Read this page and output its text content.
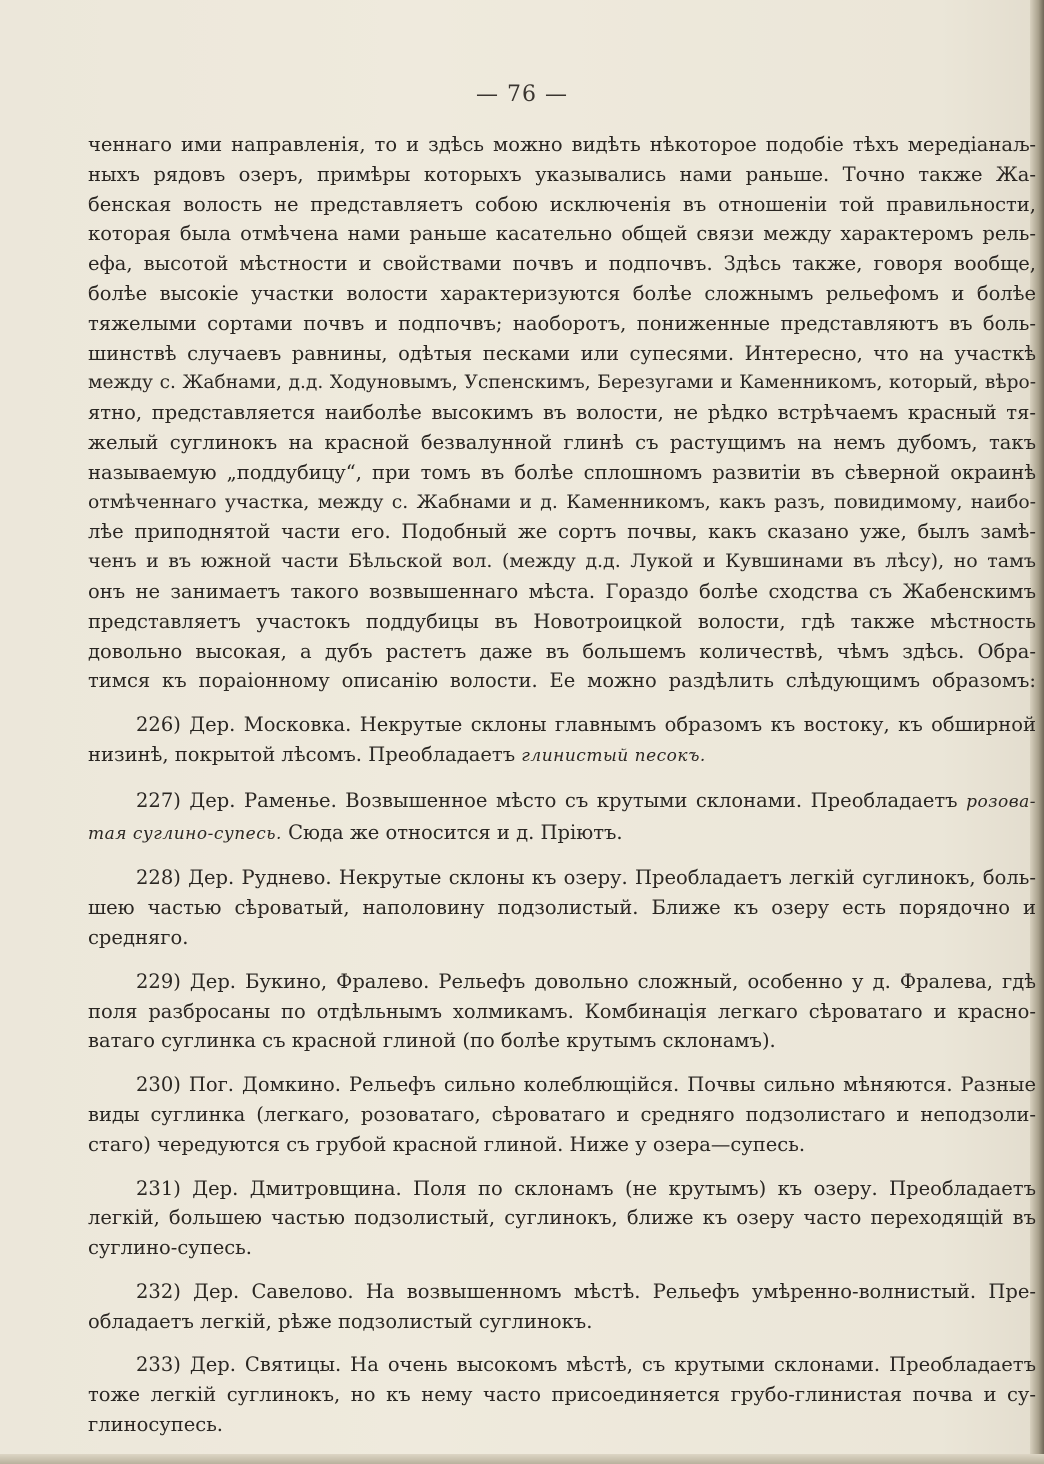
— 76 —
ченнаго ими направленія, то и здѣсь можно видѣть нѣкоторое подобіе тѣхъ мередіанаљ-
ныхъ рядовъ озеръ, примѣры которыхъ указывались нами раньше. Точно также Жа-
бенская волость не представляетъ собою исключенія въ отношеніи той правильности,
которая была отмѣчена нами раньше касательно общей связи между характеромъ рель-
ефа, высотой мѣстности и свойствами почвъ и подпочвъ. Здѣсь также, говоря вообще,
болѣе высокіе участки волости характеризуются болѣе сложнымъ рельефомъ и болѣе
тяжелыми сортами почвъ и подпочвъ; наоборотъ, пониженные представляютъ въ боль-
шинствѣ случаевъ равнины, одѣтыя песками или супесями. Интересно, что на участкѣ
между с. Жабнами, д.д. Ходуновымъ, Успенскимъ, Березугами и Каменникомъ, который, вѣро-
ятно, представляется наиболѣе высокимъ въ волости, не рѣдко встрѣчаемъ красный тя-
желый суглинокъ на красной безвалунной глинѣ съ растущимъ на немъ дубомъ, такъ
называемую „поддубицу“, при томъ въ болѣе сплошномъ развитіи въ сѣверной окраинѣ
отмѣченнаго участка, между с. Жабнами и д. Каменникомъ, какъ разъ, повидимому, наибо-
лѣе приподнятой части его. Подобный же сортъ почвы, какъ сказано уже, былъ замѣ-
ченъ и въ южной части Бѣльской вол. (между д.д. Лукой и Кувшинами въ лѣсу), но тамъ
онъ не занимаетъ такого возвышеннаго мѣста. Гораздо болѣе сходства съ Жабенскимъ
представляетъ участокъ поддубицы въ Новотроицкой волости, гдѣ также мѣстность
довольно высокая, а дубъ растетъ даже въ большемъ количествѣ, чѣмъ здѣсь. Обра-
тимся къ пораіонному описанію волости. Ее можно раздѣлить слѣдующимъ образомъ:
226) Дер. Московка. Некрутые склоны главнымъ образомъ къ востоку, къ обширной
низинѣ, покрытой лѣсомъ. Преобладаетъ глинистый песокъ.
227) Дер. Раменье. Возвышенное мѣсто съ крутыми склонами. Преобладаетъ розова-
тая суглино-супесь. Сюда же относится и д. Пріютъ.
228) Дер. Руднево. Некрутые склоны къ озеру. Преобладаетъ легкій суглинокъ, боль-
шею частью сѣроватый, наполовину подзолистый. Ближе къ озеру есть порядочно и
средняго.
229) Дер. Букино, Фралево. Рельефъ довольно сложный, особенно у д. Фралева, гдѣ
поля разбросаны по отдѣльнымъ холмикамъ. Комбинація легкаго сѣроватаго и красно-
ватаго суглинка съ красной глиной (по болѣе крутымъ склонамъ).
230) Пог. Домкино. Рельефъ сильно колеблющійся. Почвы сильно мѣняются. Разные
виды суглинка (легкаго, розоватаго, сѣроватаго и средняго подзолистаго и неподзоли-
стаго) чередуются съ грубой красной глиной. Ниже у озера—супесь.
231) Дер. Дмитровщина. Поля по склонамъ (не крутымъ) къ озеру. Преобладаетъ
легкій, большею частью подзолистый, суглинокъ, ближе къ озеру часто переходящій въ
суглино-супесь.
232) Дер. Савелово. На возвышенномъ мѣстѣ. Рельефъ умѣренно-волнистый. Пре-
обладаетъ легкій, рѣже подзолистый суглинокъ.
233) Дер. Святицы. На очень высокомъ мѣстѣ, съ крутыми склонами. Преобладаетъ
тоже легкій суглинокъ, но къ нему часто присоединяется грубо-глинистая почва и су-
глиносупесь.
